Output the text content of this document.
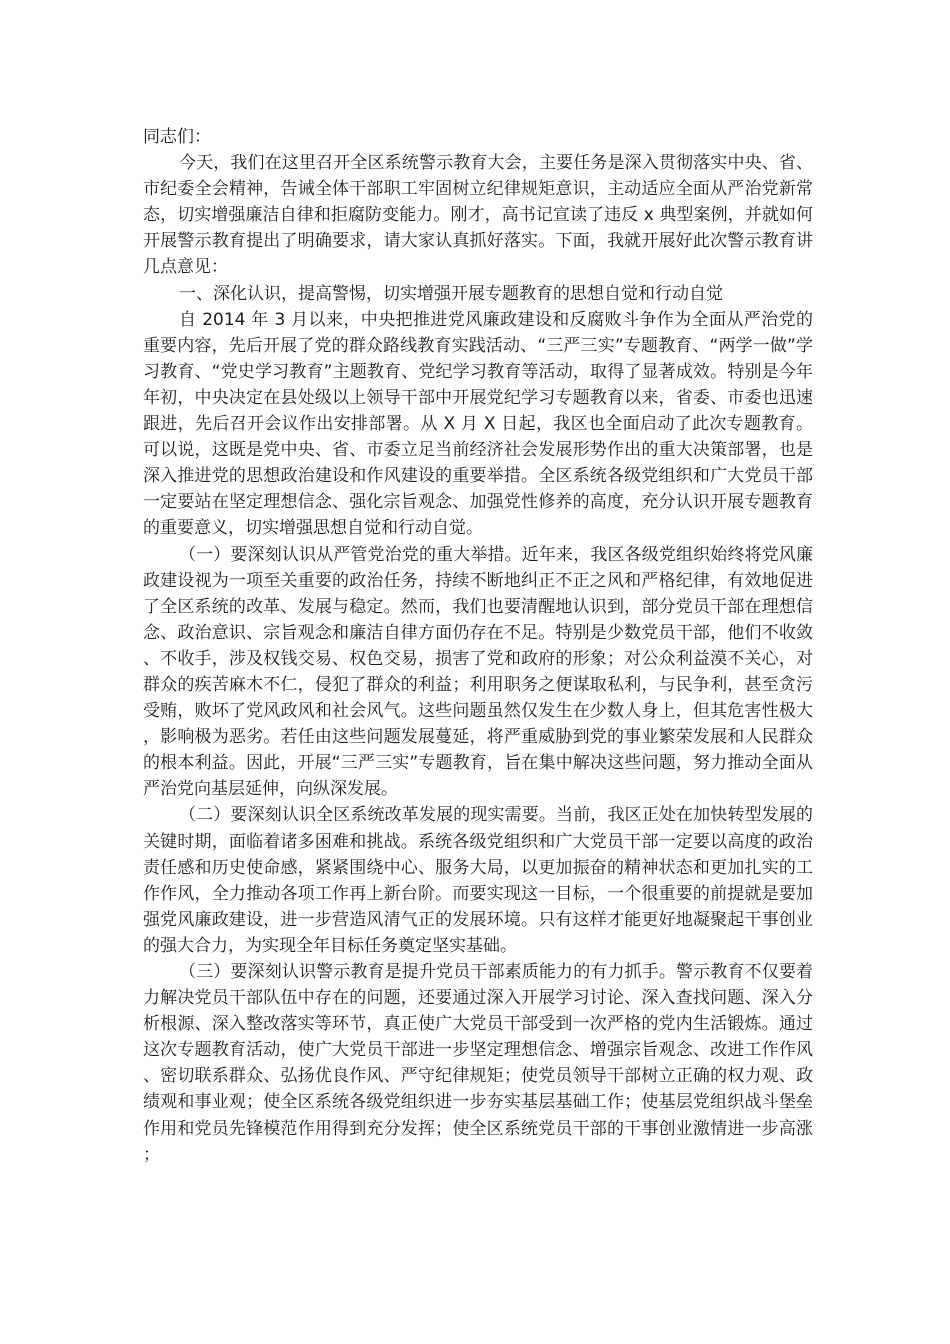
同志们：

今天，我们在这里召开全区系统警示教育大会，主要任务是深入贯彻落实中央、省、市纪委全会精神，告诫全体干部职工牢固树立纪律规矩意识，主动适应全面从严治党新常态，切实增强廉洁自律和拒腐防变能力。刚才，高书记宣读了违反 x 典型案例，并就如何开展警示教育提出了明确要求，请大家认真抓好落实。下面，我就开展好此次警示教育讲几点意见：

一、深化认识，提高警惕，切实增强开展专题教育的思想自觉和行动自觉

自 2014 年 3 月以来，中央把推进党风廉政建设和反腐败斗争作为全面从严治党的重要内容，先后开展了党的群众路线教育实践活动、“三严三实”专题教育、“两学一做”学习教育、“党史学习教育”主题教育、党纪学习教育等活动，取得了显著成效。特别是今年年初，中央决定在县处级以上领导干部中开展党纪学习专题教育以来，省委、市委也迅速跟进，先后召开会议作出安排部署。从 X 月 X 日起，我区也全面启动了此次专题教育。可以说，这既是党中央、省、市委立足当前经济社会发展形势作出的重大决策部署，也是深入推进党的思想政治建设和作风建设的重要举措。全区系统各级党组织和广大党员干部一定要站在坚定理想信念、强化宗旨观念、加强党性修养的高度，充分认识开展专题教育的重要意义，切实增强思想自觉和行动自觉。

（一）要深刻认识从严管党治党的重大举措。近年来，我区各级党组织始终将党风廉政建设视为一项至关重要的政治任务，持续不断地纠正不正之风和严格纪律，有效地促进了全区系统的改革、发展与稳定。然而，我们也要清醒地认识到，部分党员干部在理想信念、政治意识、宗旨观念和廉洁自律方面仍存在不足。特别是少数党员干部，他们不收敛、不收手，涉及权钱交易、权色交易，损害了党和政府的形象；对公众利益漠不关心，对群众的疾苦麻木不仁，侵犯了群众的利益；利用职务之便谋取私利，与民争利，甚至贪污受贿，败坏了党风政风和社会风气。这些问题虽然仅发生在少数人身上，但其危害性极大，影响极为恶劣。若任由这些问题发展蔓延，将严重威胁到党的事业繁荣发展和人民群众的根本利益。因此，开展“三严三实”专题教育，旨在集中解决这些问题，努力推动全面从严治党向基层延伸，向纵深发展。

（二）要深刻认识全区系统改革发展的现实需要。当前，我区正处在加快转型发展的关键时期，面临着诸多困难和挑战。系统各级党组织和广大党员干部一定要以高度的政治责任感和历史使命感，紧紧围绕中心、服务大局，以更加振奋的精神状态和更加扎实的工作作风，全力推动各项工作再上新台阶。而要实现这一目标，一个很重要的前提就是要加强党风廉政建设，进一步营造风清气正的发展环境。只有这样才能更好地凝聚起干事创业的强大合力，为实现全年目标任务奠定坚实基础。

（三）要深刻认识警示教育是提升党员干部素质能力的有力抓手。警示教育不仅要着力解决党员干部队伍中存在的问题，还要通过深入开展学习讨论、深入查找问题、深入分析根源、深入整改落实等环节，真正使广大党员干部受到一次严格的党内生活锻炼。通过这次专题教育活动，使广大党员干部进一步坚定理想信念、增强宗旨观念、改进工作作风、密切联系群众、弘扬优良作风、严守纪律规矩；使党员领导干部树立正确的权力观、政绩观和事业观；使全区系统各级党组织进一步夯实基层基础工作；使基层党组织战斗堡垒作用和党员先锋模范作用得到充分发挥；使全区系统党员干部的干事创业激情进一步高涨；
